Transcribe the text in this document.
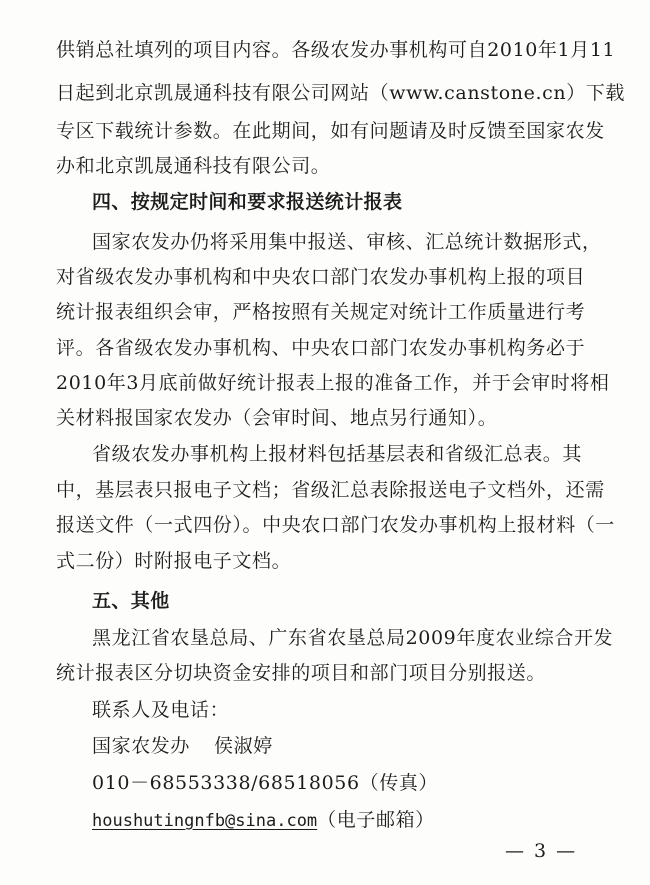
供销总社填列的项目内容。各级农发办事机构可自2010年1月11
日起到北京凯晟通科技有限公司网站（www.canstone.cn）下载
专区下载统计参数。在此期间，如有问题请及时反馈至国家农发
办和北京凯晟通科技有限公司。
四、按规定时间和要求报送统计报表
国家农发办仍将采用集中报送、审核、汇总统计数据形式，
对省级农发办事机构和中央农口部门农发办事机构上报的项目
统计报表组织会审，严格按照有关规定对统计工作质量进行考
评。各省级农发办事机构、中央农口部门农发办事机构务必于
2010年3月底前做好统计报表上报的准备工作，并于会审时将相
关材料报国家农发办（会审时间、地点另行通知）。
省级农发办事机构上报材料包括基层表和省级汇总表。其
中，基层表只报电子文档；省级汇总表除报送电子文档外，还需
报送文件（一式四份）。中央农口部门农发办事机构上报材料（一
式二份）时附报电子文档。
五、其他
黑龙江省农垦总局、广东省农垦总局2009年度农业综合开发
统计报表区分切块资金安排的项目和部门项目分别报送。
联系人及电话：
国家农发办 侯淑婷
010－68553338/68518056（传真）
houshutingnfb@sina.com（电子邮箱）
— 3 —
